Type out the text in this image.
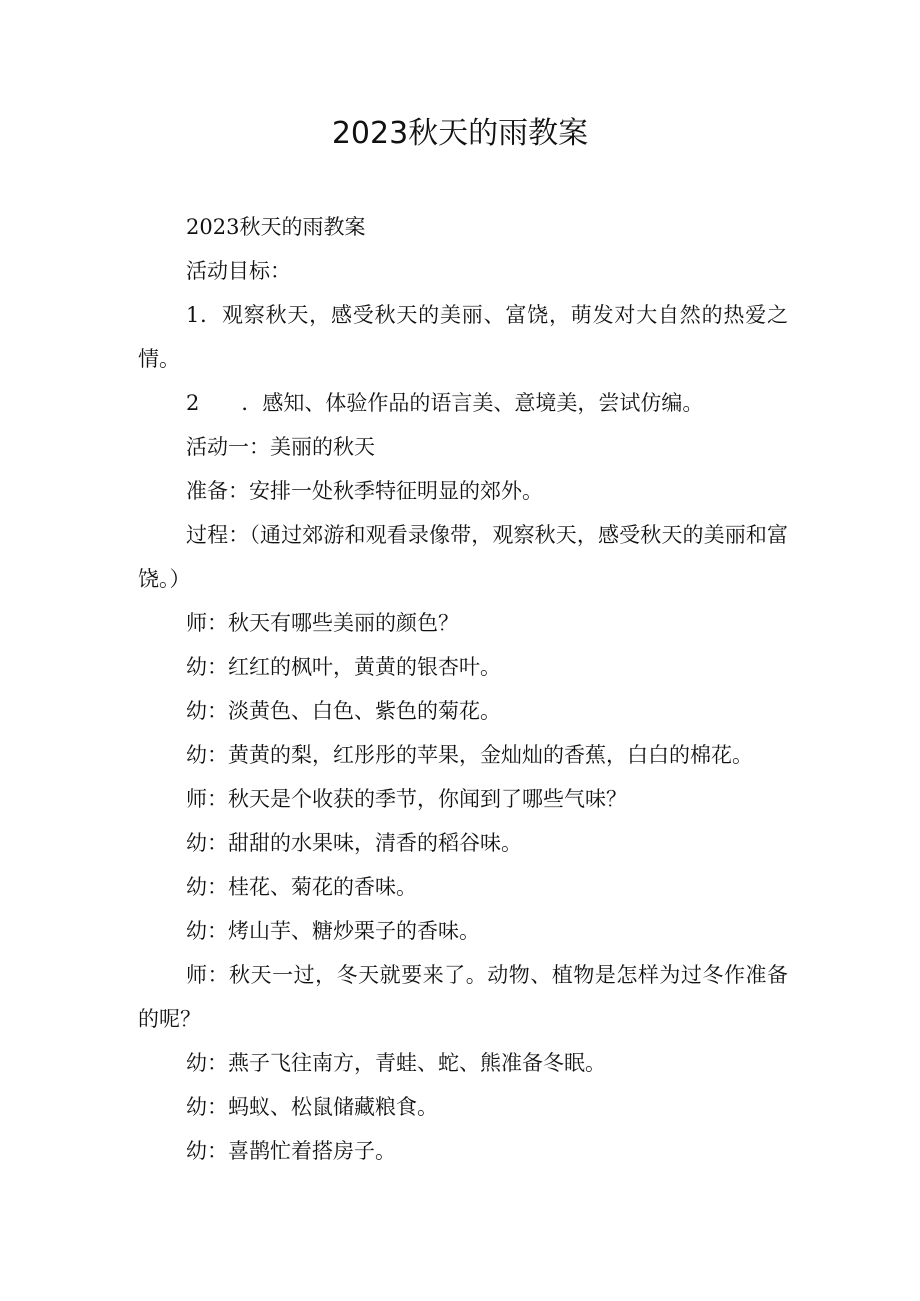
2023秋天的雨教案

2023秋天的雨教案

活动目标：

1．观察秋天，感受秋天的美丽、富饶，萌发对大自然的热爱之情。

2　　．感知、体验作品的语言美、意境美，尝试仿编。

活动一：美丽的秋天

准备：安排一处秋季特征明显的郊外。

过程：（通过郊游和观看录像带，观察秋天，感受秋天的美丽和富饶。）

师：秋天有哪些美丽的颜色？

幼：红红的枫叶，黄黄的银杏叶。

幼：淡黄色、白色、紫色的菊花。

幼：黄黄的梨，红彤彤的苹果，金灿灿的香蕉，白白的棉花。

师：秋天是个收获的季节，你闻到了哪些气味？

幼：甜甜的水果味，清香的稻谷味。

幼：桂花、菊花的香味。

幼：烤山芋、糖炒栗子的香味。

师：秋天一过，冬天就要来了。动物、植物是怎样为过冬作准备的呢？

幼：燕子飞往南方，青蛙、蛇、熊准备冬眠。

幼：蚂蚁、松鼠储藏粮食。

幼：喜鹊忙着搭房子。
